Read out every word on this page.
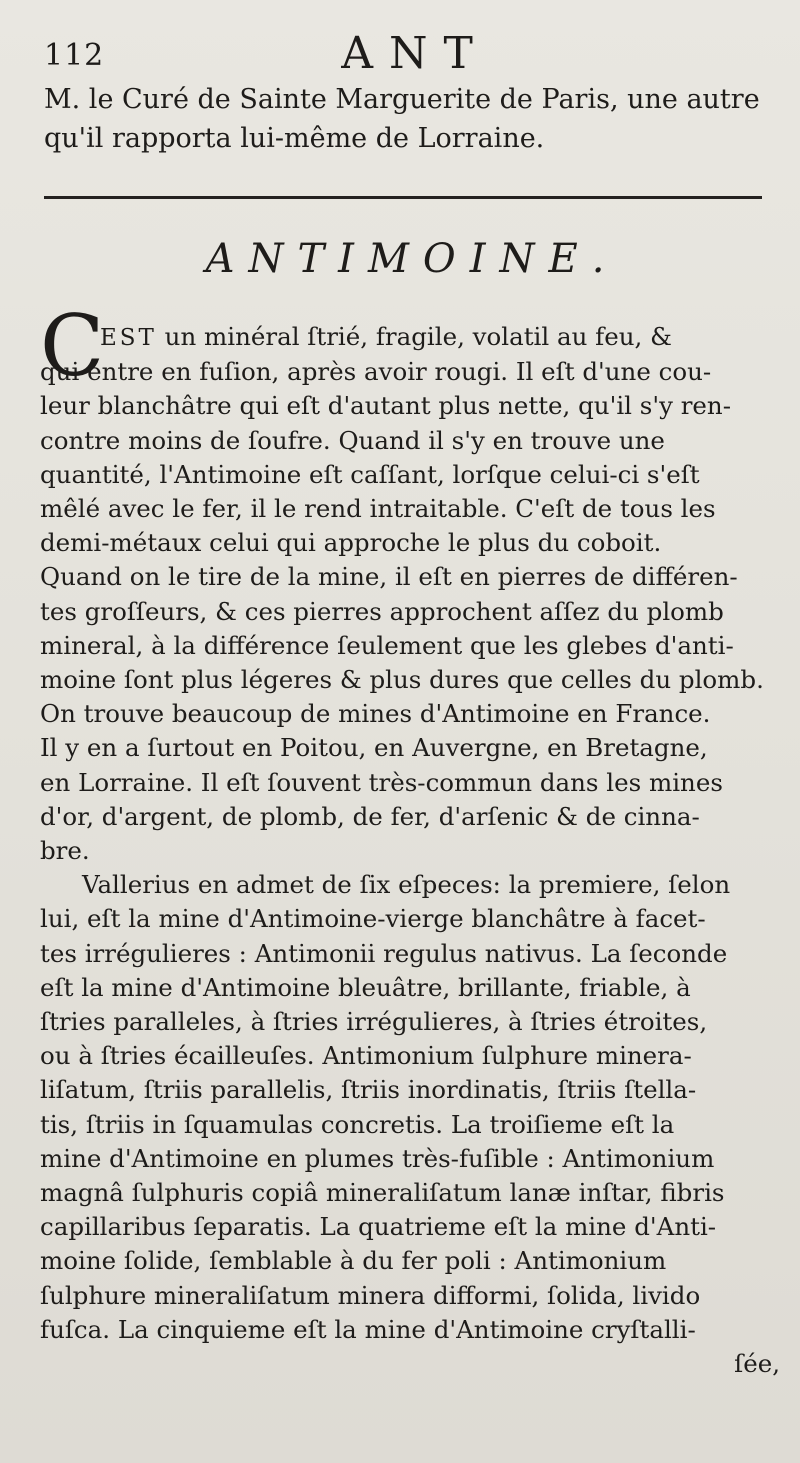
112	ANT
M. le Curé de Sainte Marguerite de Paris, une autre
qu'il rapporta lui-même de Lorraine.
ANTIMOINE.
C
EST un minéral ſtrié, fragile, volatil au feu, &
qui entre en fuſion, après avoir rougi. Il eſt d'une cou-
leur blanchâtre qui eſt d'autant plus nette, qu'il s'y ren-
contre moins de ſoufre. Quand il s'y en trouve une
quantité, l'Antimoine eſt caſſant, lorſque celui-ci s'eſt
mêlé avec le fer, il le rend intraitable. C'eſt de tous les
demi-métaux celui qui approche le plus du coboit.
Quand on le tire de la mine, il eſt en pierres de différen-
tes groſſeurs, & ces pierres approchent aſſez du plomb
mineral, à la différence ſeulement que les glebes d'anti-
moine ſont plus légeres & plus dures que celles du plomb.
On trouve beaucoup de mines d'Antimoine en France.
Il y en a ſurtout en Poitou, en Auvergne, en Bretagne,
en Lorraine. Il eſt ſouvent très-commun dans les mines
d'or, d'argent, de plomb, de fer, d'arſenic & de cinna-
bre.
Vallerius en admet de ſix eſpeces: la premiere, ſelon
lui, eſt la mine d'Antimoine-vierge blanchâtre à facet-
tes irrégulieres : Antimonii regulus nativus. La ſeconde
eſt la mine d'Antimoine bleuâtre, brillante, friable, à
ſtries paralleles, à ſtries irrégulieres, à ſtries étroites,
ou à ſtries écailleuſes. Antimonium ſulphure minera-
liſatum, ſtriis parallelis, ſtriis inordinatis, ſtriis ſtella-
tis, ſtriis in ſquamulas concretis. La troiſieme eſt la
mine d'Antimoine en plumes très-fuſible : Antimonium
magnâ ſulphuris copiâ mineraliſatum lanæ inſtar, fibris
capillaribus ſeparatis. La quatrieme eſt la mine d'Anti-
moine ſolide, ſemblable à du fer poli : Antimonium
ſulphure mineraliſatum minera difformi, ſolida, livido
fuſca. La cinquieme eſt la mine d'Antimoine cryſtalli-
ſée,
